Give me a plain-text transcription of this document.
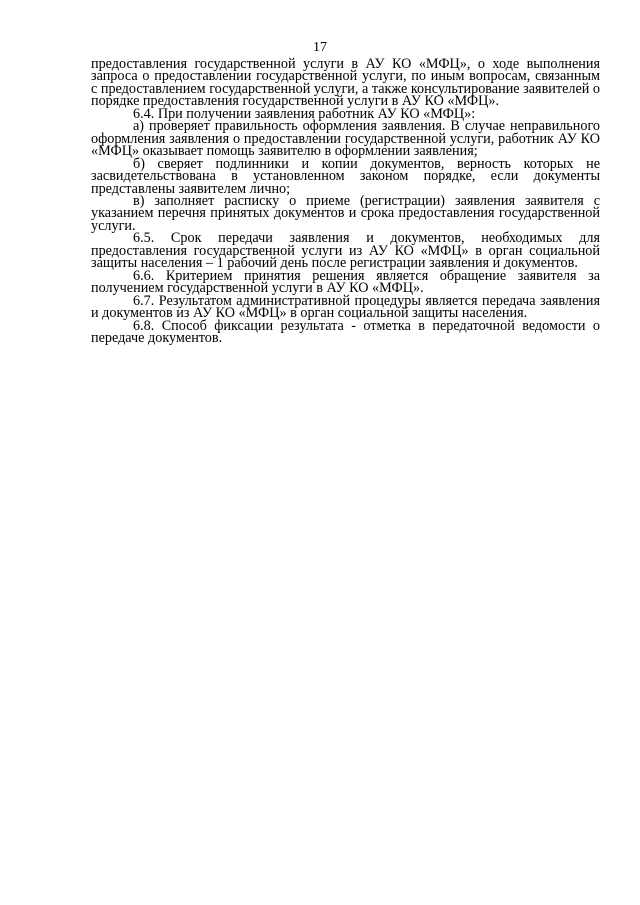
17

предоставления государственной услуги в АУ КО «МФЦ», о ходе выполнения запроса о предоставлении государственной услуги, по иным вопросам, связанным с предоставлением государственной услуги, а также консультирование заявителей о порядке предоставления государственной услуги в АУ КО «МФЦ».

6.4. При получении заявления работник АУ КО «МФЦ»:

а) проверяет правильность оформления заявления. В случае неправильного оформления заявления о предоставлении государственной услуги, работник АУ КО «МФЦ» оказывает помощь заявителю в оформлении заявления;

б) сверяет подлинники и копии документов, верность которых не засвидетельствована в установленном законом порядке, если документы представлены заявителем лично;

в) заполняет расписку о приеме (регистрации) заявления заявителя с указанием перечня принятых документов и срока предоставления государственной услуги.

6.5. Срок передачи заявления и документов, необходимых для предоставления государственной услуги из АУ КО «МФЦ» в орган социальной защиты населения – 1 рабочий день после регистрации заявления и документов.

6.6. Критерием принятия решения является обращение заявителя за получением государственной услуги в АУ КО «МФЦ».

6.7. Результатом административной процедуры является передача заявления и документов из АУ КО «МФЦ» в орган социальной защиты населения.

6.8. Способ фиксации результата - отметка в передаточной ведомости о передаче документов.
